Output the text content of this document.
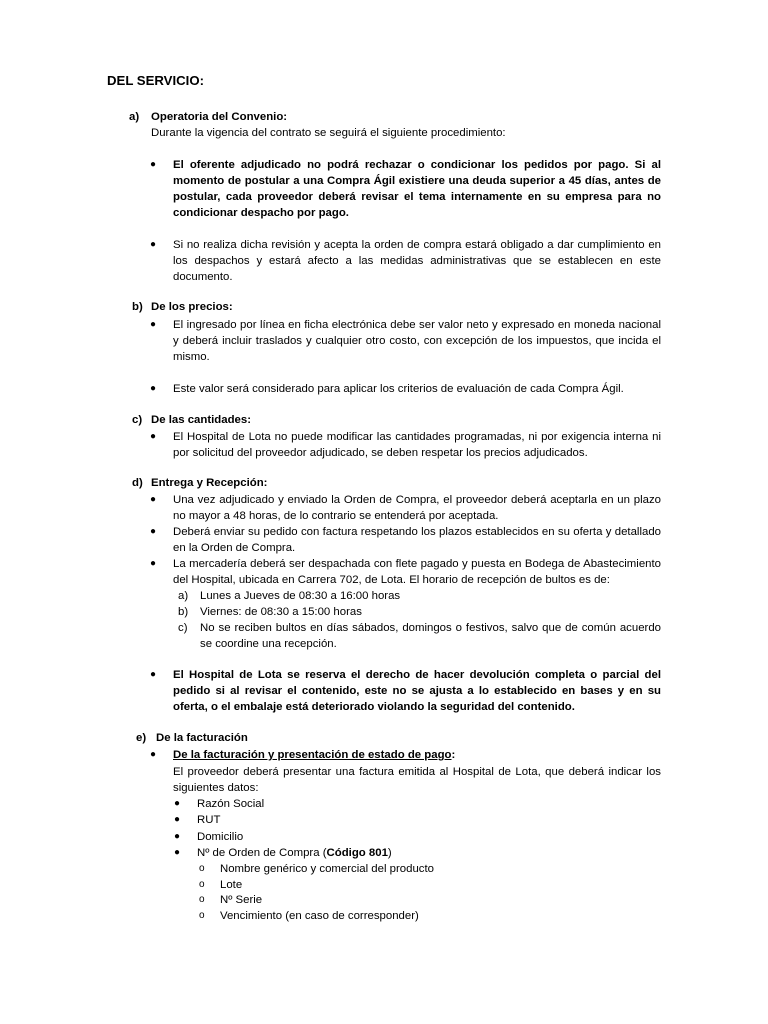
DEL SERVICIO:
a) Operatoria del Convenio:
Durante la vigencia del contrato se seguirá el siguiente procedimiento:
● El oferente adjudicado no podrá rechazar o condicionar los pedidos por pago. Si al momento de postular a una Compra Ágil existiere una deuda superior a 45 días, antes de postular, cada proveedor deberá revisar el tema internamente en su empresa para no condicionar despacho por pago.
● Si no realiza dicha revisión y acepta la orden de compra estará obligado a dar cumplimiento en los despachos y estará afecto a las medidas administrativas que se establecen en este documento.
b) De los precios:
● El ingresado por línea en ficha electrónica debe ser valor neto y expresado en moneda nacional y deberá incluir traslados y cualquier otro costo, con excepción de los impuestos, que incida el mismo.
● Este valor será considerado para aplicar los criterios de evaluación de cada Compra Ágil.
c) De las cantidades:
● El Hospital de Lota no puede modificar las cantidades programadas, ni por exigencia interna ni por solicitud del proveedor adjudicado, se deben respetar los precios adjudicados.
d) Entrega y Recepción:
● Una vez adjudicado y enviado la Orden de Compra, el proveedor deberá aceptarla en un plazo no mayor a 48 horas, de lo contrario se entenderá por aceptada.
● Deberá enviar su pedido con factura respetando los plazos establecidos en su oferta y detallado en la Orden de Compra.
● La mercadería deberá ser despachada con flete pagado y puesta en Bodega de Abastecimiento del Hospital, ubicada en Carrera 702, de Lota. El horario de recepción de bultos es de:
a) Lunes a Jueves de 08:30 a 16:00 horas
b) Viernes: de 08:30 a 15:00 horas
c) No se reciben bultos en días sábados, domingos o festivos, salvo que de común acuerdo se coordine una recepción.
● El Hospital de Lota se reserva el derecho de hacer devolución completa o parcial del pedido si al revisar el contenido, este no se ajusta a lo establecido en bases y en su oferta, o el embalaje está deteriorado violando la seguridad del contenido.
e) De la facturación
● De la facturación y presentación de estado de pago:
El proveedor deberá presentar una factura emitida al Hospital de Lota, que deberá indicar los siguientes datos:
● Razón Social
● RUT
● Domicilio
● Nº de Orden de Compra (Código 801)
o Nombre genérico y comercial del producto
o Lote
o Nº Serie
o Vencimiento (en caso de corresponder)
